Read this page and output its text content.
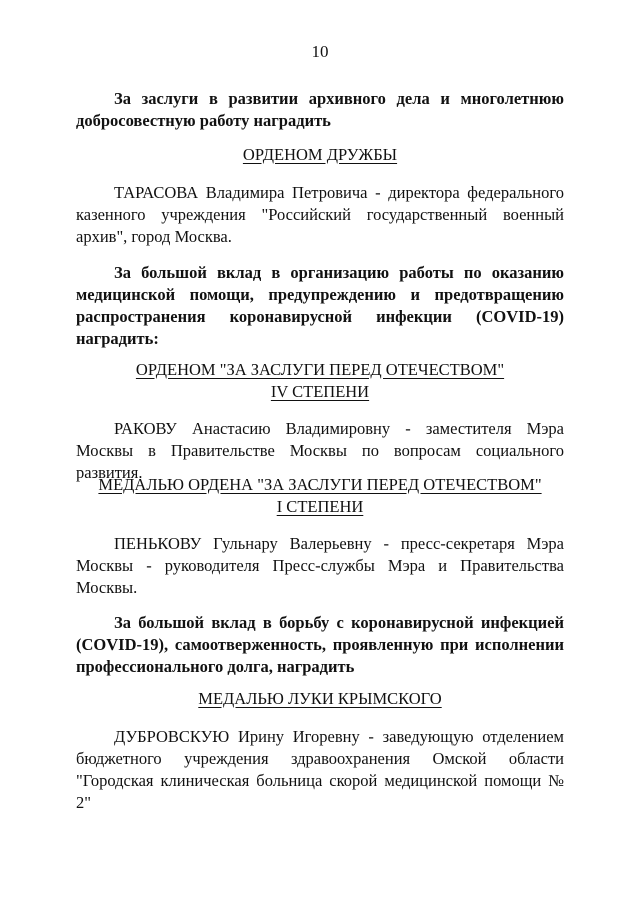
10

За заслуги в развитии архивного дела и многолетнюю добросовестную работу наградить

ОРДЕНОМ ДРУЖБЫ

ТАРАСОВА Владимира Петровича - директора федерального казенного учреждения "Российский государственный военный архив", город Москва.

За большой вклад в организацию работы по оказанию медицинской помощи, предупреждению и предотвращению распространения коронавирусной инфекции (COVID-19) наградить:

ОРДЕНОМ "ЗА ЗАСЛУГИ ПЕРЕД ОТЕЧЕСТВОМ"
IV СТЕПЕНИ

РАКОВУ Анастасию Владимировну - заместителя Мэра Москвы в Правительстве Москвы по вопросам социального развития.

МЕДАЛЬЮ ОРДЕНА "ЗА ЗАСЛУГИ ПЕРЕД ОТЕЧЕСТВОМ"
I СТЕПЕНИ

ПЕНЬКОВУ Гульнару Валерьевну - пресс-секретаря Мэра Москвы - руководителя Пресс-службы Мэра и Правительства Москвы.

За большой вклад в борьбу с коронавирусной инфекцией (COVID-19), самоотверженность, проявленную при исполнении профессионального долга, наградить

МЕДАЛЬЮ ЛУКИ КРЫМСКОГО

ДУБРОВСКУЮ Ирину Игоревну - заведующую отделением бюджетного учреждения здравоохранения Омской области "Городская клиническая больница скорой медицинской помощи № 2"
